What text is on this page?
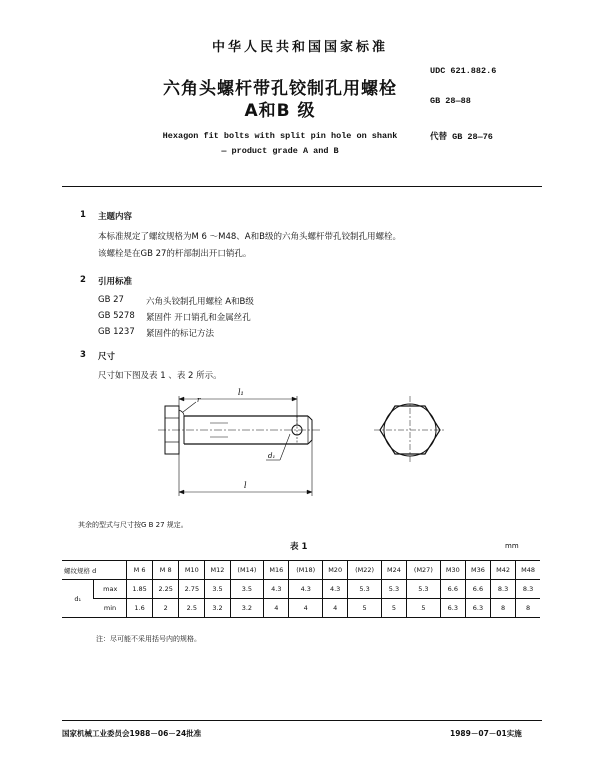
中华人民共和国国家标准
六角头螺杆带孔铰制孔用螺栓
A和B 级
Hexagon fit bolts with split pin hole on shank
— product grade A and B
UDC 621.882.6
GB 28—88
代替 GB 28—76
1 主题内容
本标准规定了螺纹规格为M 6 ～M48、A和B级的六角头螺杆带孔铰制孔用螺栓。
该螺栓是在GB 27的杆部制出开口销孔。
2 引用标准
GB 27	六角头铰制孔用螺栓 A和B级
GB 5278 紧固件 开口销孔和金属丝孔
GB 1237 紧固件的标记方法
3 尺寸
尺寸如下图及表 1 、表 2 所示。
l₁
l
r
d₁
其余的型式与尺寸按G B 27 规定。
表 1	mm
螺纹规格 d		M 6	M 8	M10	M12	(M14)	M16	(M18)	M20	(M22)	M24	(M27)	M30	M36	M42	M48
d₁	max	1.85	2.25	2.75	3.5	3.5	4.3	4.3	4.3	5.3	5.3	5.3	6.6	6.6	8.3	8.3
	min	1.6	2	2.5	3.2	3.2	4	4	4	5	5	5	6.3	6.3	8	8
注：尽可能不采用括号内的规格。
国家机械工业委员会1988－06－24批准	1989－07－01实施
